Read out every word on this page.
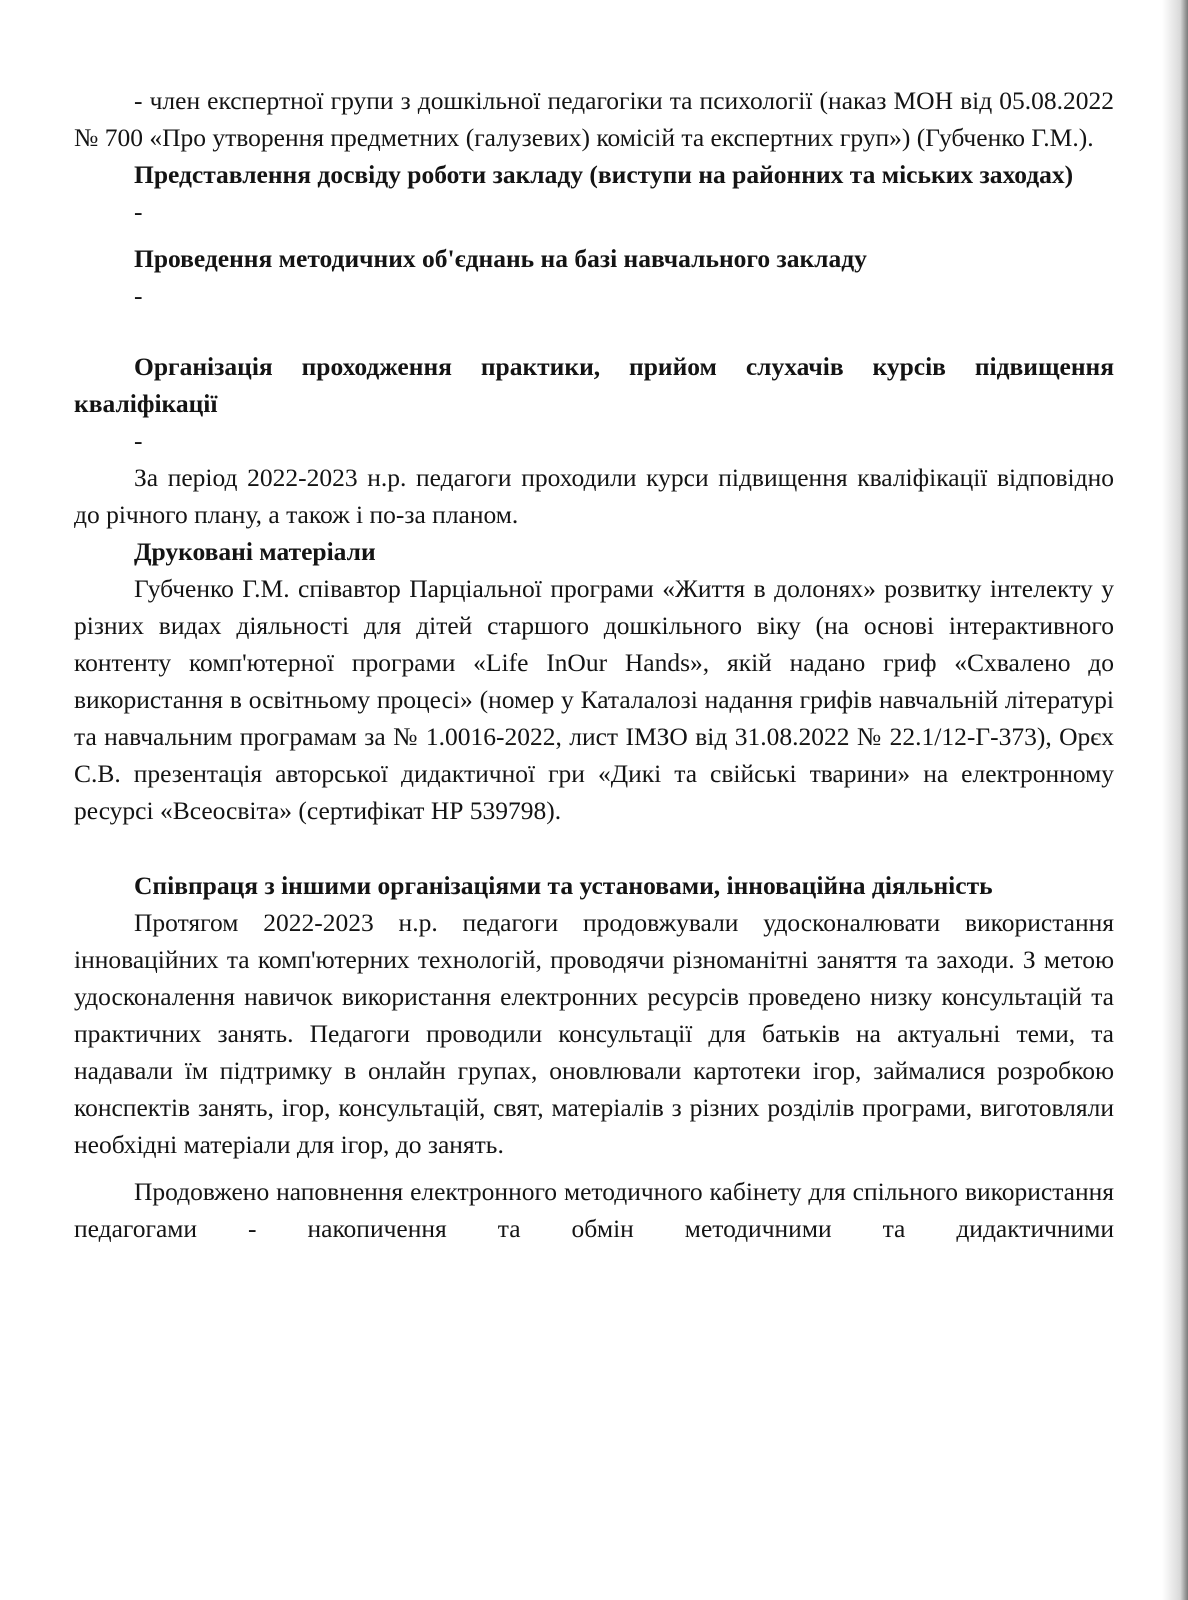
- член експертної групи з дошкільної педагогіки та психології (наказ МОН від 05.08.2022 № 700 «Про утворення предметних (галузевих) комісій та експертних груп») (Губченко Г.М.).

Представлення досвіду роботи закладу (виступи на районних та міських заходах)

-

Проведення методичних об'єднань на базі навчального закладу

-

Організація проходження практики, прийом слухачів курсів підвищення кваліфікації

-

За період 2022-2023 н.р. педагоги проходили курси підвищення кваліфікації відповідно до річного плану, а також і по-за планом.

Друковані матеріали

Губченко Г.М. співавтор Парціальної програми «Життя в долонях» розвитку інтелекту у різних видах діяльності для дітей старшого дошкільного віку (на основі інтерактивного контенту комп'ютерної програми «Life InOur Hands», якій надано гриф «Схвалено до використання в освітньому процесі» (номер у Каталалозі надання грифів навчальній літературі та навчальним програмам за № 1.0016-2022, лист ІМЗО від 31.08.2022 № 22.1/12-Г-373), Орєх С.В. презентація авторської дидактичної гри «Дикі та свійські тварини» на електронному ресурсі «Всеосвіта» (сертифікат НР 539798).

Співпраця з іншими організаціями та установами, інноваційна діяльність

Протягом 2022-2023 н.р. педагоги продовжували удосконалювати використання інноваційних та комп'ютерних технологій, проводячи різноманітні заняття та заходи. З метою удосконалення навичок використання електронних ресурсів проведено низку консультацій та практичних занять. Педагоги проводили консультації для батьків на актуальні теми, та надавали їм підтримку в онлайн групах, оновлювали картотеки ігор, займалися розробкою конспектів занять, ігор, консультацій, свят, матеріалів з різних розділів програми, виготовляли необхідні матеріали для ігор, до занять.

Продовжено наповнення електронного методичного кабінету для спільного використання педагогами - накопичення та обмін методичними та дидактичними
